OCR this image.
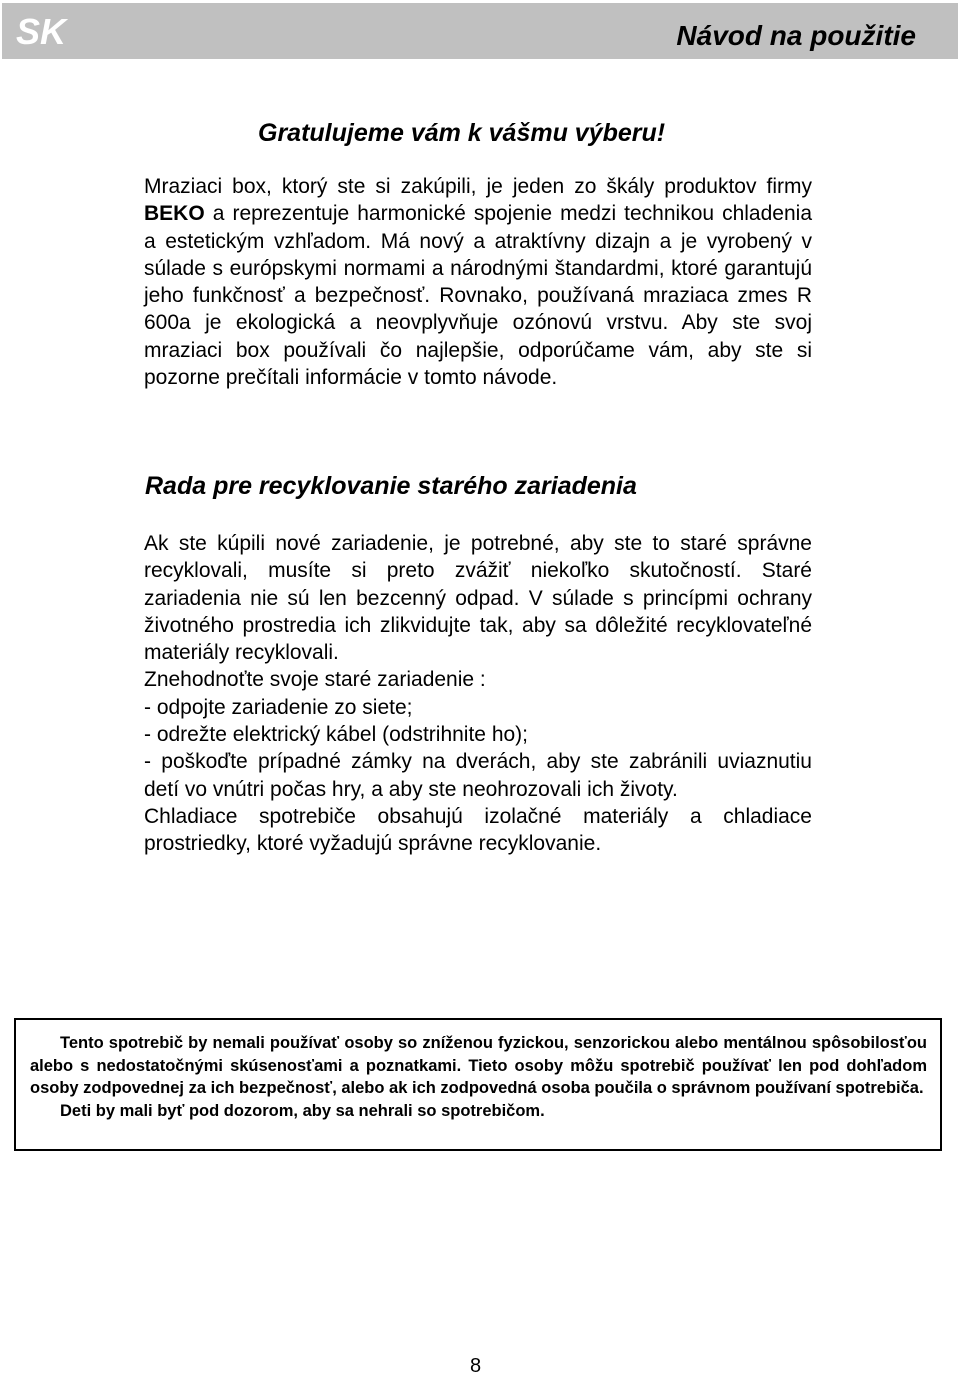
SK	Návod na použitie
Gratulujeme vám k vášmu výberu!

Mraziaci box, ktorý ste si zakúpili, je jeden zo škály produktov firmy BEKO a reprezentuje harmonické spojenie medzi technikou chladenia a estetickým vzhľadom. Má nový a atraktívny dizajn a je vyrobený v súlade s európskymi normami a národnými štandardmi, ktoré garantujú jeho funkčnosť a bezpečnosť. Rovnako, používaná mraziaca zmes R 600a je ekologická a neovplyvňuje ozónovú vrstvu. Aby ste svoj mraziaci box používali čo najlepšie, odporúčame vám, aby ste si pozorne prečítali informácie v tomto návode.

Rada pre recyklovanie starého zariadenia

Ak ste kúpili nové zariadenie, je potrebné, aby ste to staré správne recyklovali, musíte si preto zvážiť niekoľko skutočností. Staré zariadenia nie sú len bezcenný odpad. V súlade s princípmi ochrany životného prostredia ich zlikvidujte tak, aby sa dôležité recyklovateľné materiály recyklovali.

Znehodnoťte svoje staré zariadenie :

- odpojte zariadenie zo siete;

- odrežte elektrický kábel (odstrihnite ho);

- poškoďte prípadné zámky na dverách, aby ste zabránili uviaznutiu detí vo vnútri počas hry, a aby ste neohrozovali ich životy.

Chladiace spotrebiče obsahujú izolačné materiály a chladiace prostriedky, ktoré vyžadujú správne recyklovanie.

Tento spotrebič by nemali používať osoby so zníženou fyzickou, senzorickou alebo mentálnou spôsobilosťou alebo s nedostatočnými skúsenosťami a poznatkami. Tieto osoby môžu spotrebič používať len pod dohľadom osoby zodpovednej za ich bezpečnosť, alebo ak ich zodpovedná osoba poučila o správnom používaní spotrebiča.

Deti by mali byť pod dozorom, aby sa nehrali so spotrebičom.

8
